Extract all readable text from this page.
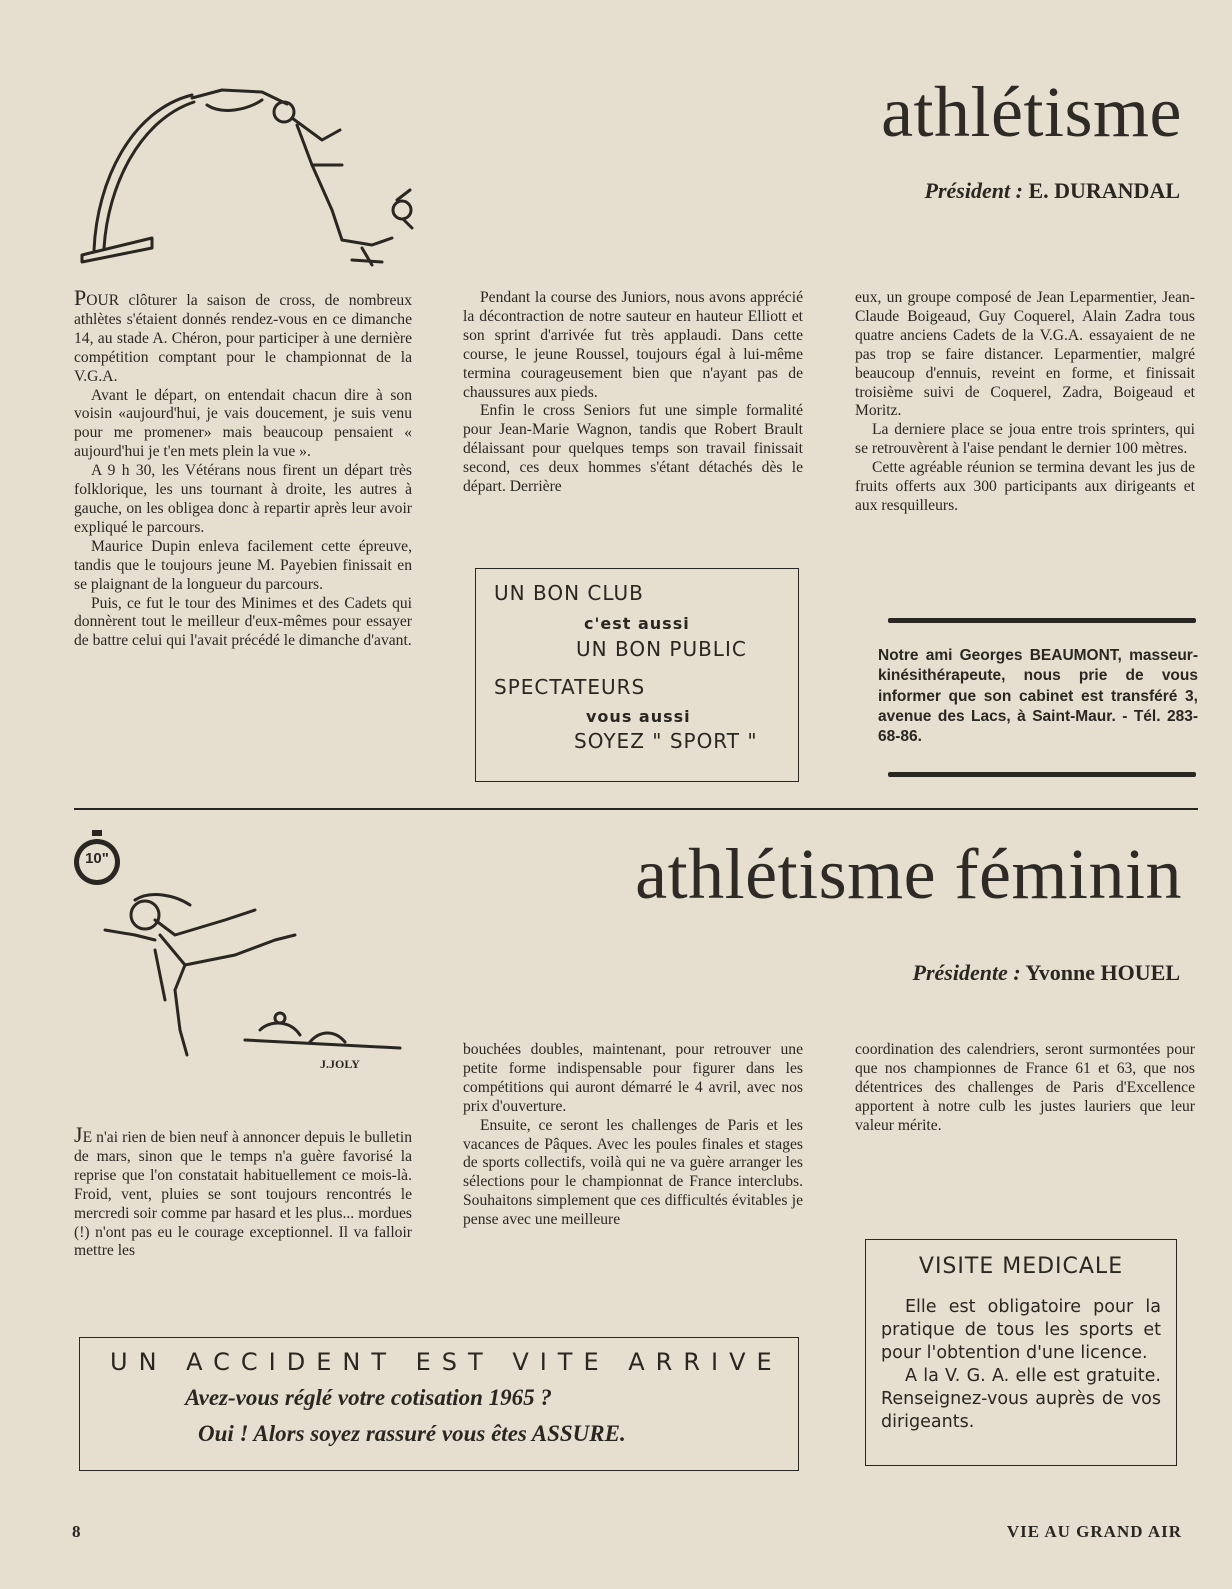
athlétisme
Président : E. DURANDAL

POUR clôturer la saison de cross, de nombreux athlètes s'étaient donnés rendez-vous en ce dimanche 14, au stade A. Chéron, pour participer à une dernière compétition comptant pour le championnat de la V.G.A.

Avant le départ, on entendait chacun dire à son voisin «aujourd'hui, je vais doucement, je suis venu pour me promener» mais beaucoup pensaient « aujourd'hui je t'en mets plein la vue ».

A 9 h 30, les Vétérans nous firent un départ très folklorique, les uns tournant à droite, les autres à gauche, on les obligea donc à repartir après leur avoir expliqué le parcours.

Maurice Dupin enleva facilement cette épreuve, tandis que le toujours jeune M. Payebien finissait en se plaignant de la longueur du parcours.

Puis, ce fut le tour des Minimes et des Cadets qui donnèrent tout le meilleur d'eux-mêmes pour essayer de battre celui qui l'avait précédé le dimanche d'avant.

Pendant la course des Juniors, nous avons apprécié la décontraction de notre sauteur en hauteur Elliott et son sprint d'arrivée fut très applaudi. Dans cette course, le jeune Roussel, toujours égal à lui-même termina courageusement bien que n'ayant pas de chaussures aux pieds.

Enfin le cross Seniors fut une simple formalité pour Jean-Marie Wagnon, tandis que Robert Brault délaissant pour quelques temps son travail finissait second, ces deux hommes s'étant détachés dès le départ. Derrière

eux, un groupe composé de Jean Leparmentier, Jean-Claude Boigeaud, Guy Coquerel, Alain Zadra tous quatre anciens Cadets de la V.G.A. essayaient de ne pas trop se faire distancer. Leparmentier, malgré beaucoup d'ennuis, reveint en forme, et finissait troisième suivi de Coquerel, Zadra, Boigeaud et Moritz.

La derniere place se joua entre trois sprinters, qui se retrouvèrent à l'aise pendant le dernier 100 mètres.

Cette agréable réunion se termina devant les jus de fruits offerts aux 300 participants aux dirigeants et aux resquilleurs.

UN BON CLUB
c'est aussi
UN BON PUBLIC
SPECTATEURS
vous aussi
SOYEZ " SPORT "
Notre ami Georges BEAUMONT, masseur-kinésithérapeute, nous prie de vous informer que son cabinet est transféré 3, avenue des Lacs, à Saint-Maur. - Tél. 283-68-86.
10"
J.JOLY
athlétisme féminin
Présidente : Yvonne HOUEL

JE n'ai rien de bien neuf à annoncer depuis le bulletin de mars, sinon que le temps n'a guère favorisé la reprise que l'on constatait habituellement ce mois-là. Froid, vent, pluies se sont toujours rencontrés le mercredi soir comme par hasard et les plus... mordues (!) n'ont pas eu le courage exceptionnel. Il va falloir mettre les

bouchées doubles, maintenant, pour retrouver une petite forme indispensable pour figurer dans les compétitions qui auront démarré le 4 avril, avec nos prix d'ouverture.

Ensuite, ce seront les challenges de Paris et les vacances de Pâques. Avec les poules finales et stages de sports collectifs, voilà qui ne va guère arranger les sélections pour le championnat de France interclubs. Souhaitons simplement que ces difficultés évitables je pense avec une meilleure

coordination des calendriers, seront surmontées pour que nos championnes de France 61 et 63, que nos détentrices des challenges de Paris d'Excellence apportent à notre culb les justes lauriers que leur valeur mérite.

VISITE MEDICALE
Elle est obligatoire pour la pratique de tous les sports et pour l'obtention d'une licence.
A la V. G. A. elle est gratuite. Renseignez-vous auprès de vos dirigeants.
UN ACCIDENT EST VITE ARRIVE
Avez-vous réglé votre cotisation 1965 ?
Oui ! Alors soyez rassuré vous êtes ASSURE.
8	VIE AU GRAND AIR
